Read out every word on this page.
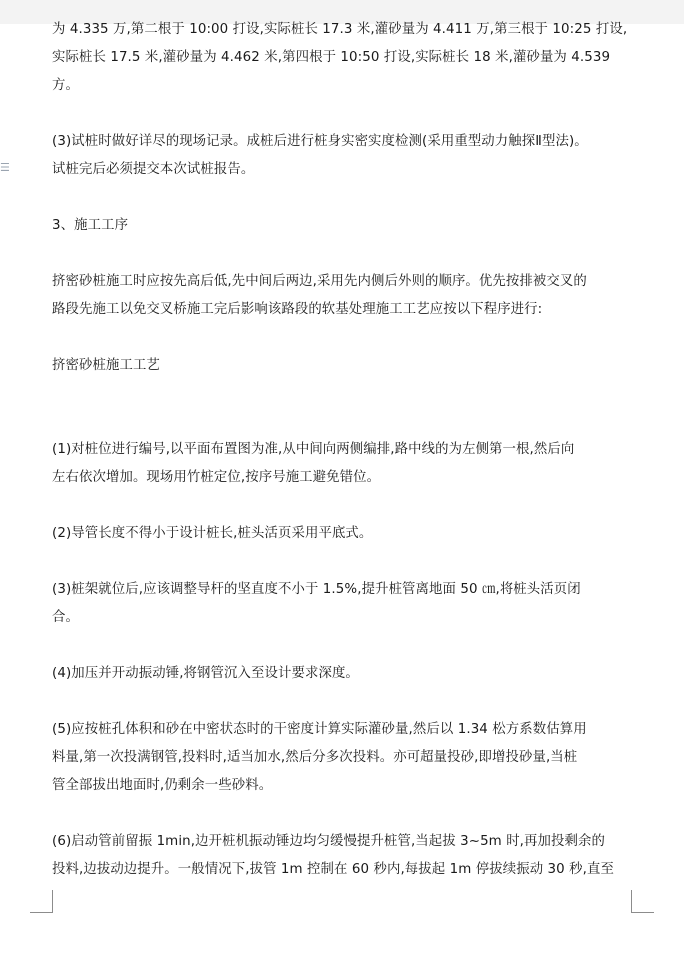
☰

为 4.335 万,第二根于 10:00 打设,实际桩长 17.3 米,灌砂量为 4.411 万,第三根于 10:25 打设,

实际桩长 17.5 米,灌砂量为 4.462 米,第四根于 10:50 打设,实际桩长 18 米,灌砂量为 4.539

方。

(3)试桩时做好详尽的现场记录。成桩后进行桩身实密实度检测(采用重型动力触探Ⅱ型法)。

试桩完后必须提交本次试桩报告。

3、施工工序

挤密砂桩施工时应按先高后低,先中间后两边,采用先内侧后外则的顺序。优先按排被交叉的

路段先施工以免交叉桥施工完后影响该路段的软基处理施工工艺应按以下程序进行:

挤密砂桩施工工艺

(1)对桩位进行编号,以平面布置图为准,从中间向两侧编排,路中线的为左侧第一根,然后向

左右依次增加。现场用竹桩定位,按序号施工避免错位。

(2)导管长度不得小于设计桩长,桩头活页采用平底式。

(3)桩架就位后,应该调整导杆的坚直度不小于 1.5%,提升桩管离地面 50 ㎝,将桩头活页闭

合。

(4)加压并开动振动锤,将钢管沉入至设计要求深度。

(5)应按桩孔体积和砂在中密状态时的干密度计算实际灌砂量,然后以 1.34 松方系数估算用

料量,第一次投满钢管,投料时,适当加水,然后分多次投料。亦可超量投砂,即增投砂量,当桩

管全部拔出地面时,仍剩余一些砂料。

(6)启动管前留振 1min,边开桩机振动锤边均匀缓慢提升桩管,当起拔 3~5m 时,再加投剩余的

投料,边拔动边提升。一般情况下,拔管 1m 控制在 60 秒内,每拔起 1m 停拔续振动 30 秒,直至
